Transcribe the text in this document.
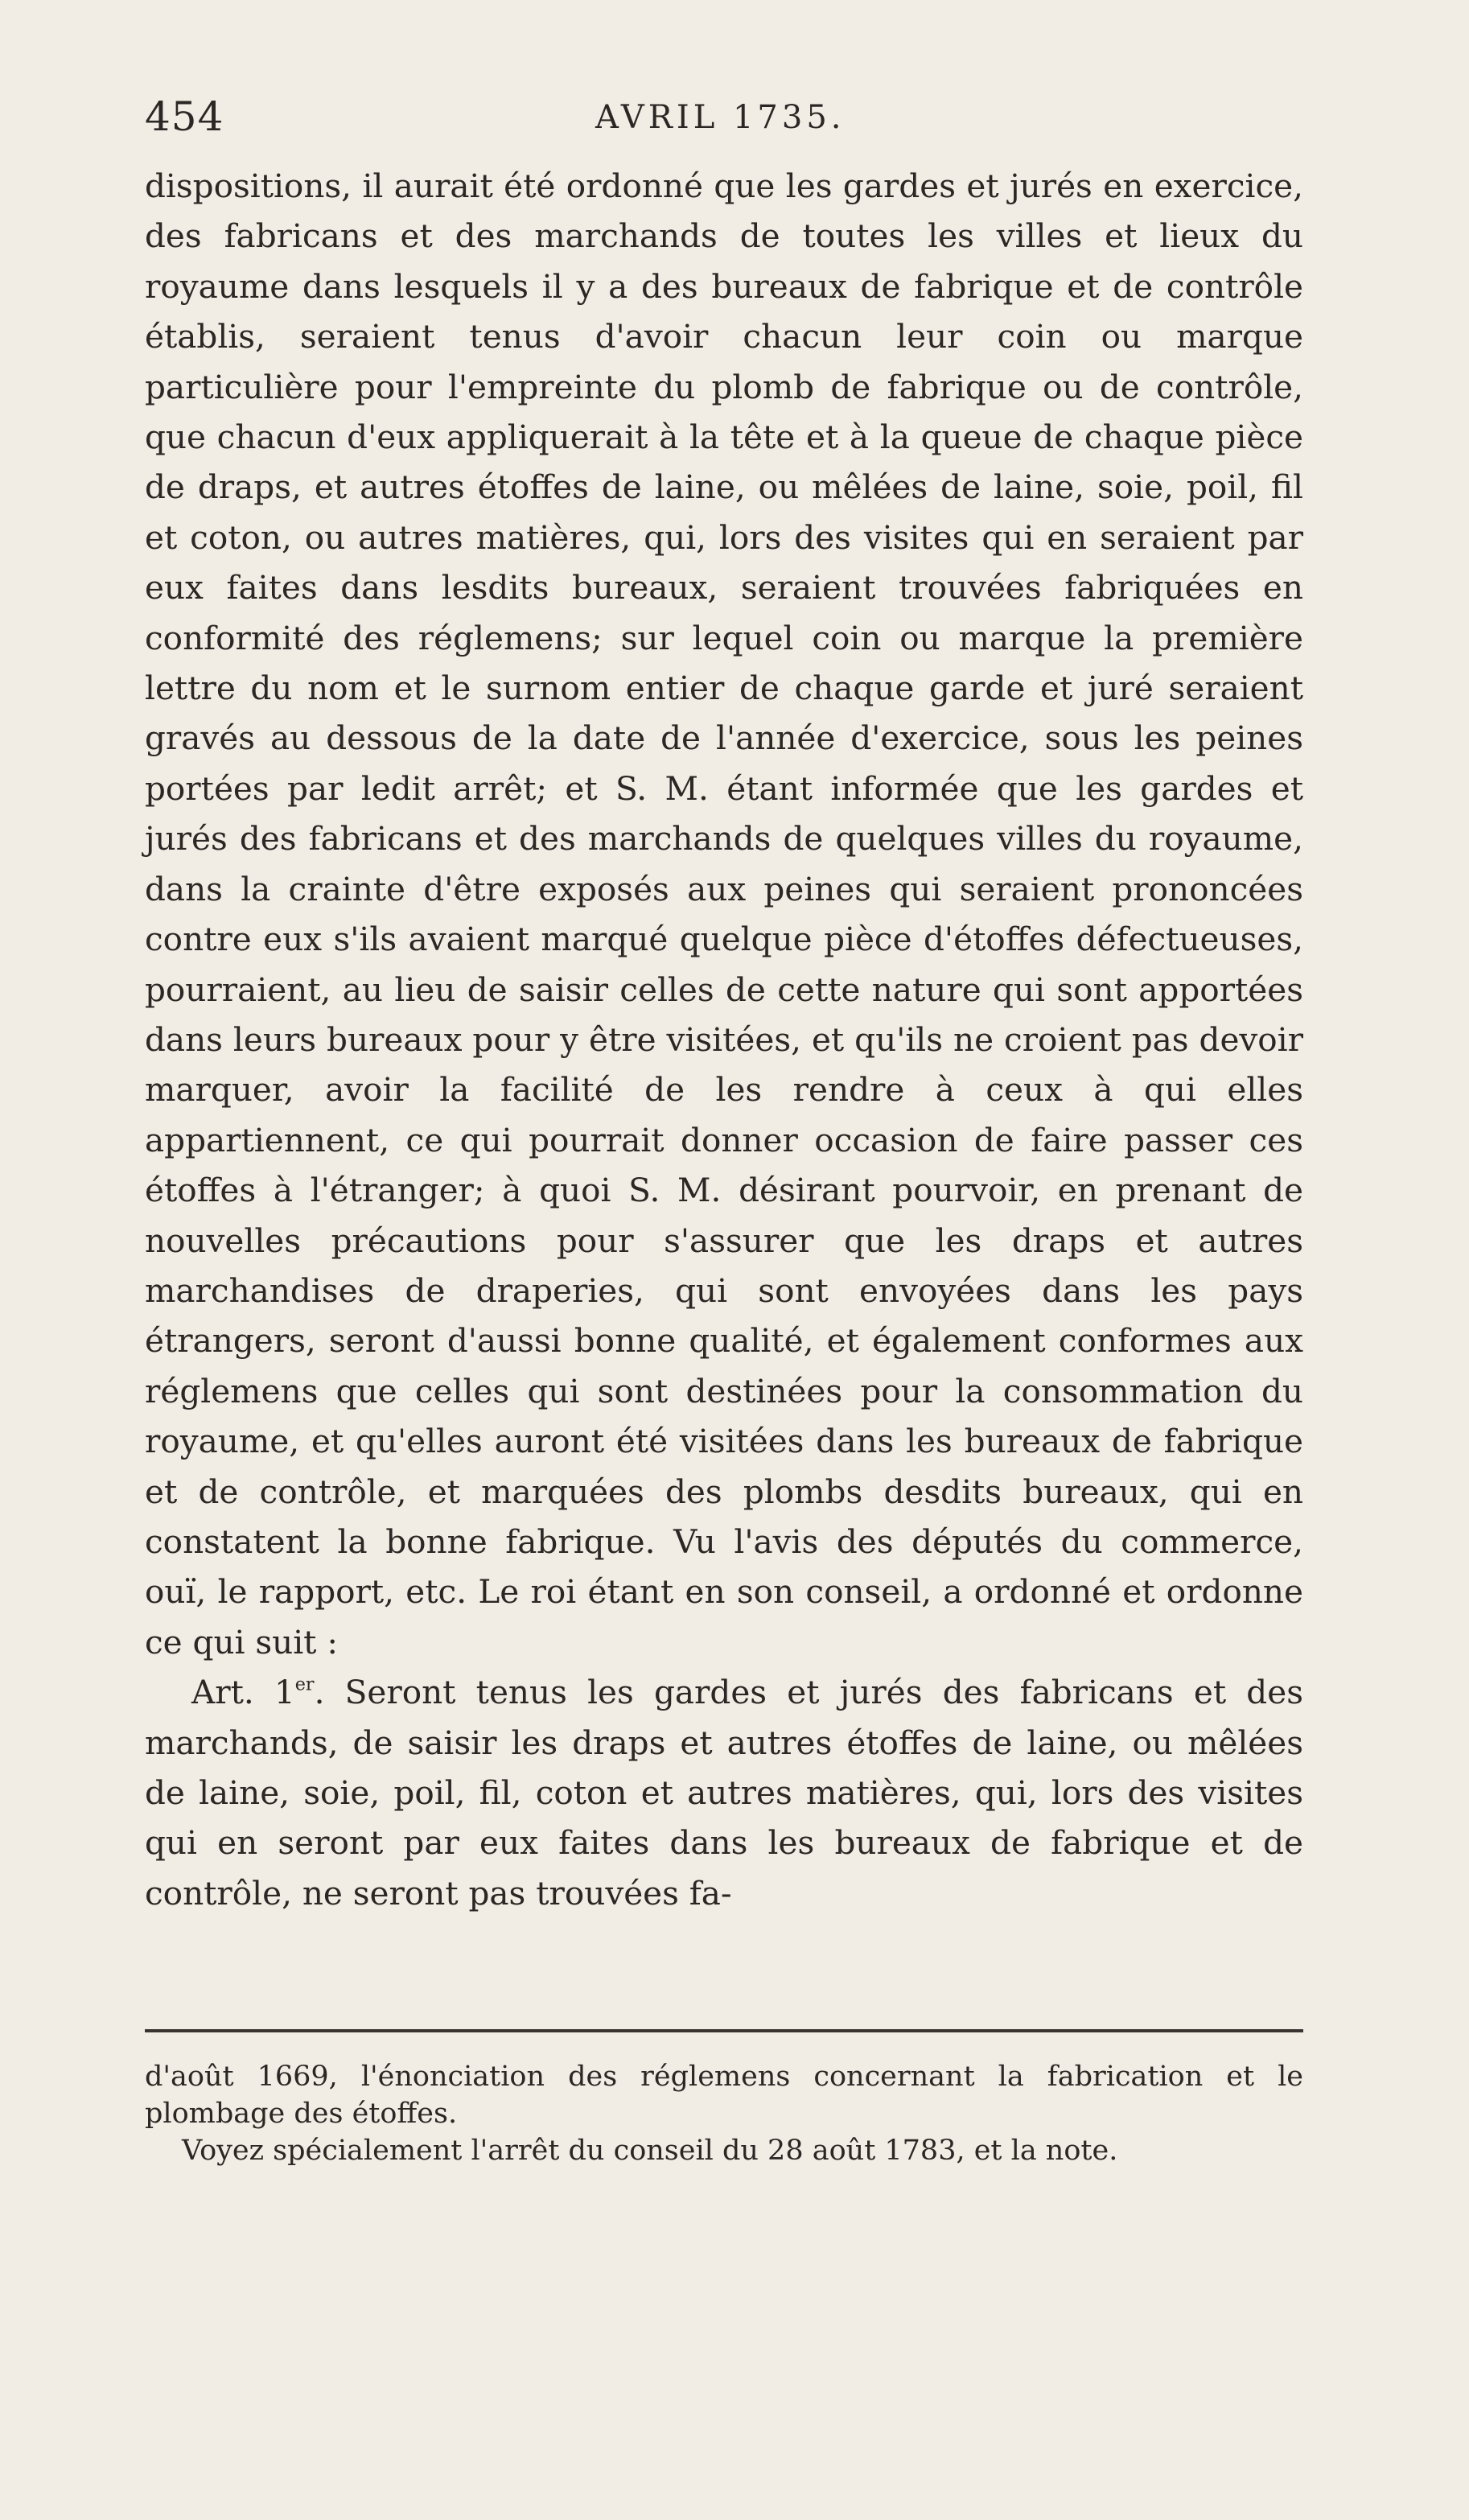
454	AVRIL 1735.

dispositions, il aurait été ordonné que les gardes et jurés en exercice, des fabricans et des marchands de toutes les villes et lieux du royaume dans lesquels il y a des bureaux de fabrique et de contrôle établis, seraient tenus d'avoir chacun leur coin ou marque particulière pour l'empreinte du plomb de fabrique ou de contrôle, que chacun d'eux appliquerait à la tête et à la queue de chaque pièce de draps, et autres étoffes de laine, ou mêlées de laine, soie, poil, fil et coton, ou autres matières, qui, lors des visites qui en seraient par eux faites dans lesdits bureaux, seraient trouvées fabriquées en conformité des réglemens; sur lequel coin ou marque la première lettre du nom et le surnom entier de chaque garde et juré seraient gravés au dessous de la date de l'année d'exercice, sous les peines portées par ledit arrêt; et S. M. étant informée que les gardes et jurés des fabricans et des marchands de quelques villes du royaume, dans la crainte d'être exposés aux peines qui seraient prononcées contre eux s'ils avaient marqué quelque pièce d'étoffes défectueuses, pourraient, au lieu de saisir celles de cette nature qui sont apportées dans leurs bureaux pour y être visitées, et qu'ils ne croient pas devoir marquer, avoir la facilité de les rendre à ceux à qui elles appartiennent, ce qui pourrait donner occasion de faire passer ces étoffes à l'étranger; à quoi S. M. désirant pourvoir, en prenant de nouvelles précautions pour s'assurer que les draps et autres marchandises de draperies, qui sont envoyées dans les pays étrangers, seront d'aussi bonne qualité, et également conformes aux réglemens que celles qui sont destinées pour la consommation du royaume, et qu'elles auront été visitées dans les bureaux de fabrique et de contrôle, et marquées des plombs desdits bureaux, qui en constatent la bonne fabrique. Vu l'avis des députés du commerce, ouï, le rapport, etc. Le roi étant en son conseil, a ordonné et ordonne ce qui suit :

Art. 1er. Seront tenus les gardes et jurés des fabricans et des marchands, de saisir les draps et autres étoffes de laine, ou mêlées de laine, soie, poil, fil, coton et autres matières, qui, lors des visites qui en seront par eux faites dans les bureaux de fabrique et de contrôle, ne seront pas trouvées fa-

d'août 1669, l'énonciation des réglemens concernant la fabrication et le plombage des étoffes.

Voyez spécialement l'arrêt du conseil du 28 août 1783, et la note.
